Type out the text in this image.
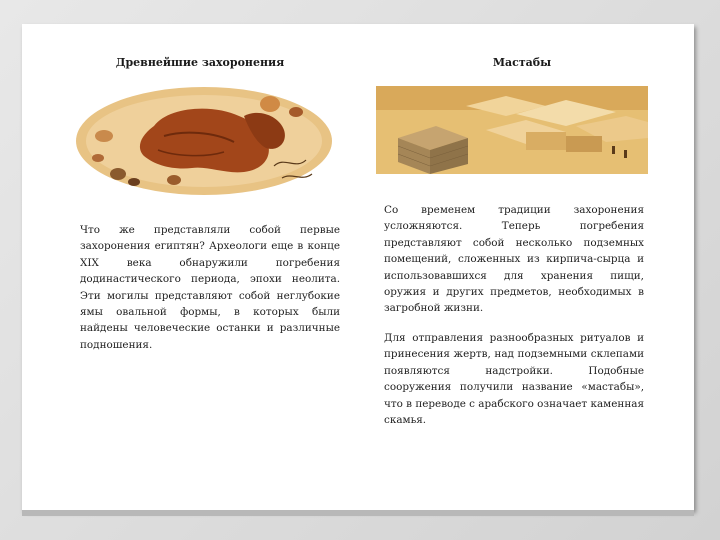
Древнейшие захоронения	Мастабы
Что же представляли собой первые захоронения египтян? Археологи еще в конце XIX века обнаружили погребения додинастического периода, эпохи неолита. Эти могилы представляют собой неглубокие ямы овальной формы, в которых были найдены человеческие останки и различные подношения.
Со временем традиции захоронения усложняются. Теперь погребения представляют собой несколько подземных помещений, сложенных из кирпича-сырца и использовавшихся для хранения пищи, оружия и других предметов, необходимых в загробной жизни.
Для отправления разнообразных ритуалов и принесения жертв, над подземными склепами появляются надстройки. Подобные сооружения получили название «мастабы», что в переводе с арабского означает каменная скамья.
